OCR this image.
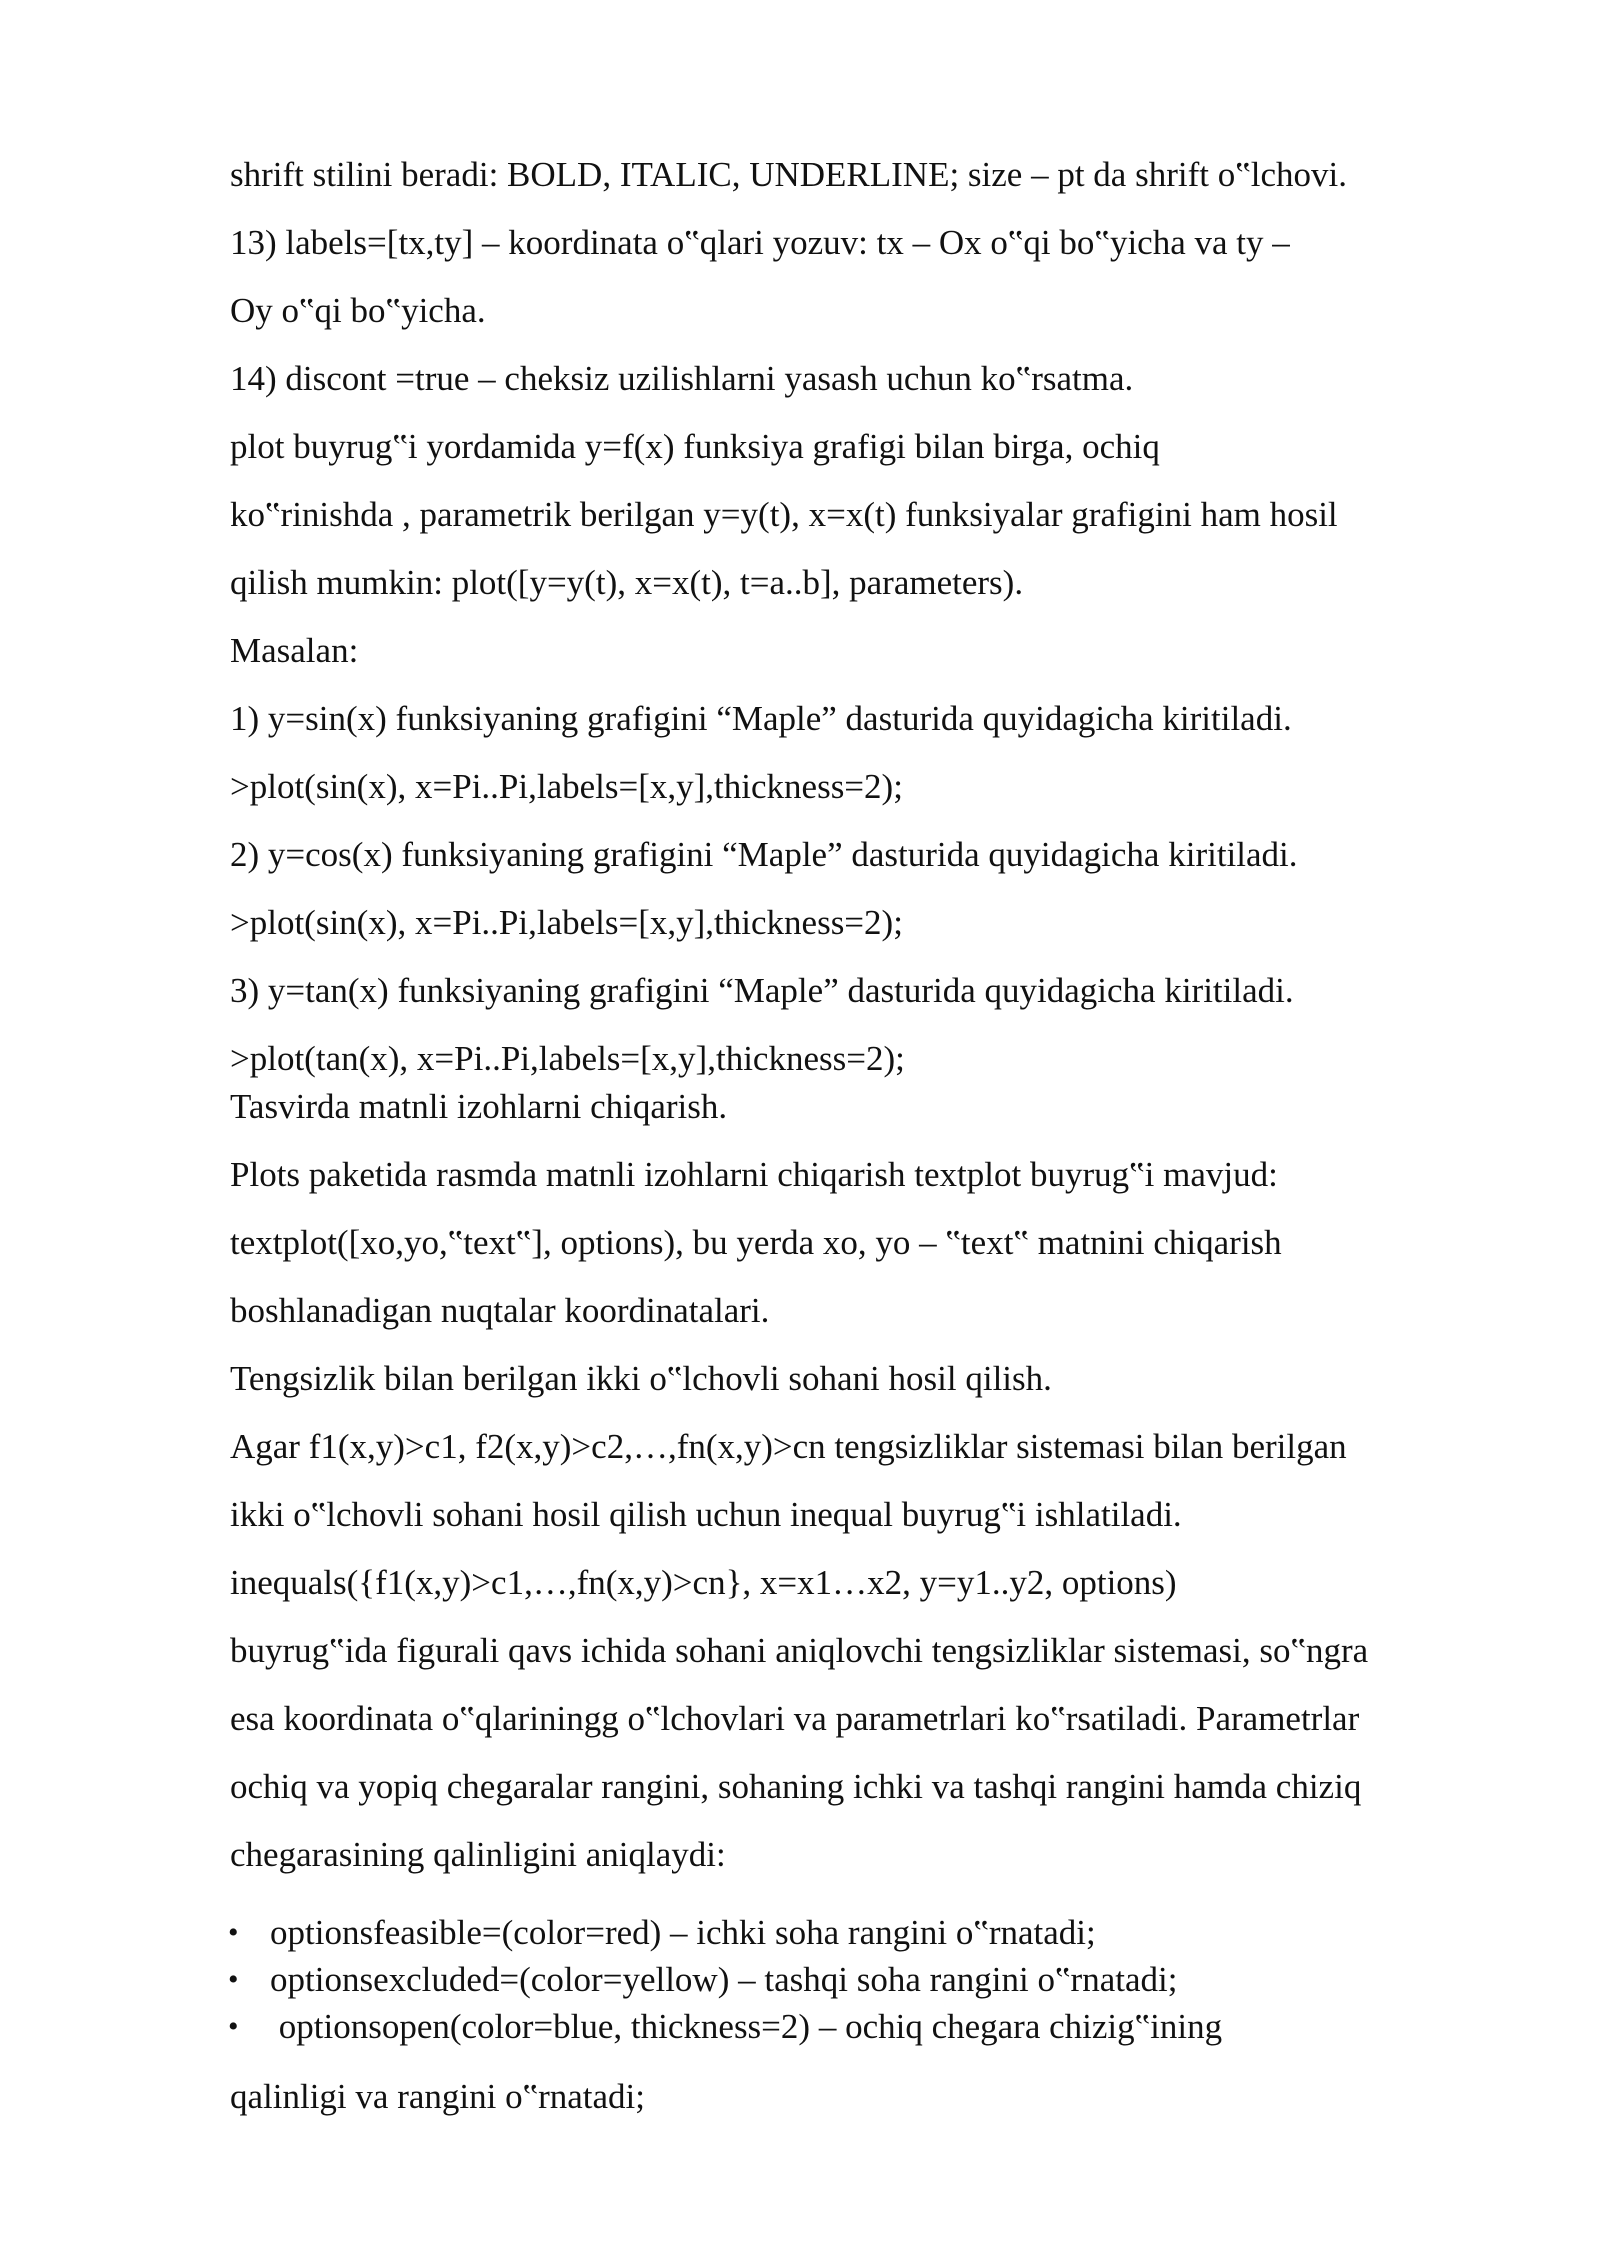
shrift stilini beradi: BOLD, ITALIC, UNDERLINE; size – pt da shrift o‟lchovi.
13) labels=[tx,ty] – koordinata o‟qlari yozuv: tx – Ox o‟qi bo‟yicha va ty –
Oy o‟qi bo‟yicha.
14) discont =true – cheksiz uzilishlarni yasash uchun ko‟rsatma.
plot buyrug‟i yordamida y=f(x) funksiya grafigi bilan birga, ochiq
ko‟rinishda , parametrik berilgan y=y(t), x=x(t) funksiyalar grafigini ham hosil
qilish mumkin: plot([y=y(t), x=x(t), t=a..b], parameters).
Masalan:
1) y=sin(x) funksiyaning grafigini “Maple” dasturida quyidagicha kiritiladi.
>plot(sin(x), x=Pi..Pi,labels=[x,y],thickness=2);
2) y=cos(x) funksiyaning grafigini “Maple” dasturida quyidagicha kiritiladi.
>plot(sin(x), x=Pi..Pi,labels=[x,y],thickness=2);
3) y=tan(x) funksiyaning grafigini “Maple” dasturida quyidagicha kiritiladi.
>plot(tan(x), x=Pi..Pi,labels=[x,y],thickness=2);
Tasvirda matnli izohlarni chiqarish.
Plots paketida rasmda matnli izohlarni chiqarish textplot buyrug‟i mavjud:
textplot([xo,yo,‟text‟], options), bu yerda xo, yo – ‟text‟ matnini chiqarish
boshlanadigan nuqtalar koordinatalari.
Tengsizlik bilan berilgan ikki o‟lchovli sohani hosil qilish.
Agar f1(x,y)>c1, f2(x,y)>c2,…,fn(x,y)>cn tengsizliklar sistemasi bilan berilgan
ikki o‟lchovli sohani hosil qilish uchun inequal buyrug‟i ishlatiladi.
inequals({f1(x,y)>c1,…,fn(x,y)>cn}, x=x1…x2, y=y1..y2, options)
buyrug‟ida figurali qavs ichida sohani aniqlovchi tengsizliklar sistemasi, so‟ngra
esa koordinata o‟qlariningg o‟lchovlari va parametrlari ko‟rsatiladi. Parametrlar
ochiq va yopiq chegaralar rangini, sohaning ichki va tashqi rangini hamda chiziq
chegarasining qalinligini aniqlaydi:
• optionsfeasible=(color=red) – ichki soha rangini o‟rnatadi;
• optionsexcluded=(color=yellow) – tashqi soha rangini o‟rnatadi;
• optionsopen(color=blue, thickness=2) – ochiq chegara chizig‟ining
qalinligi va rangini o‟rnatadi;
